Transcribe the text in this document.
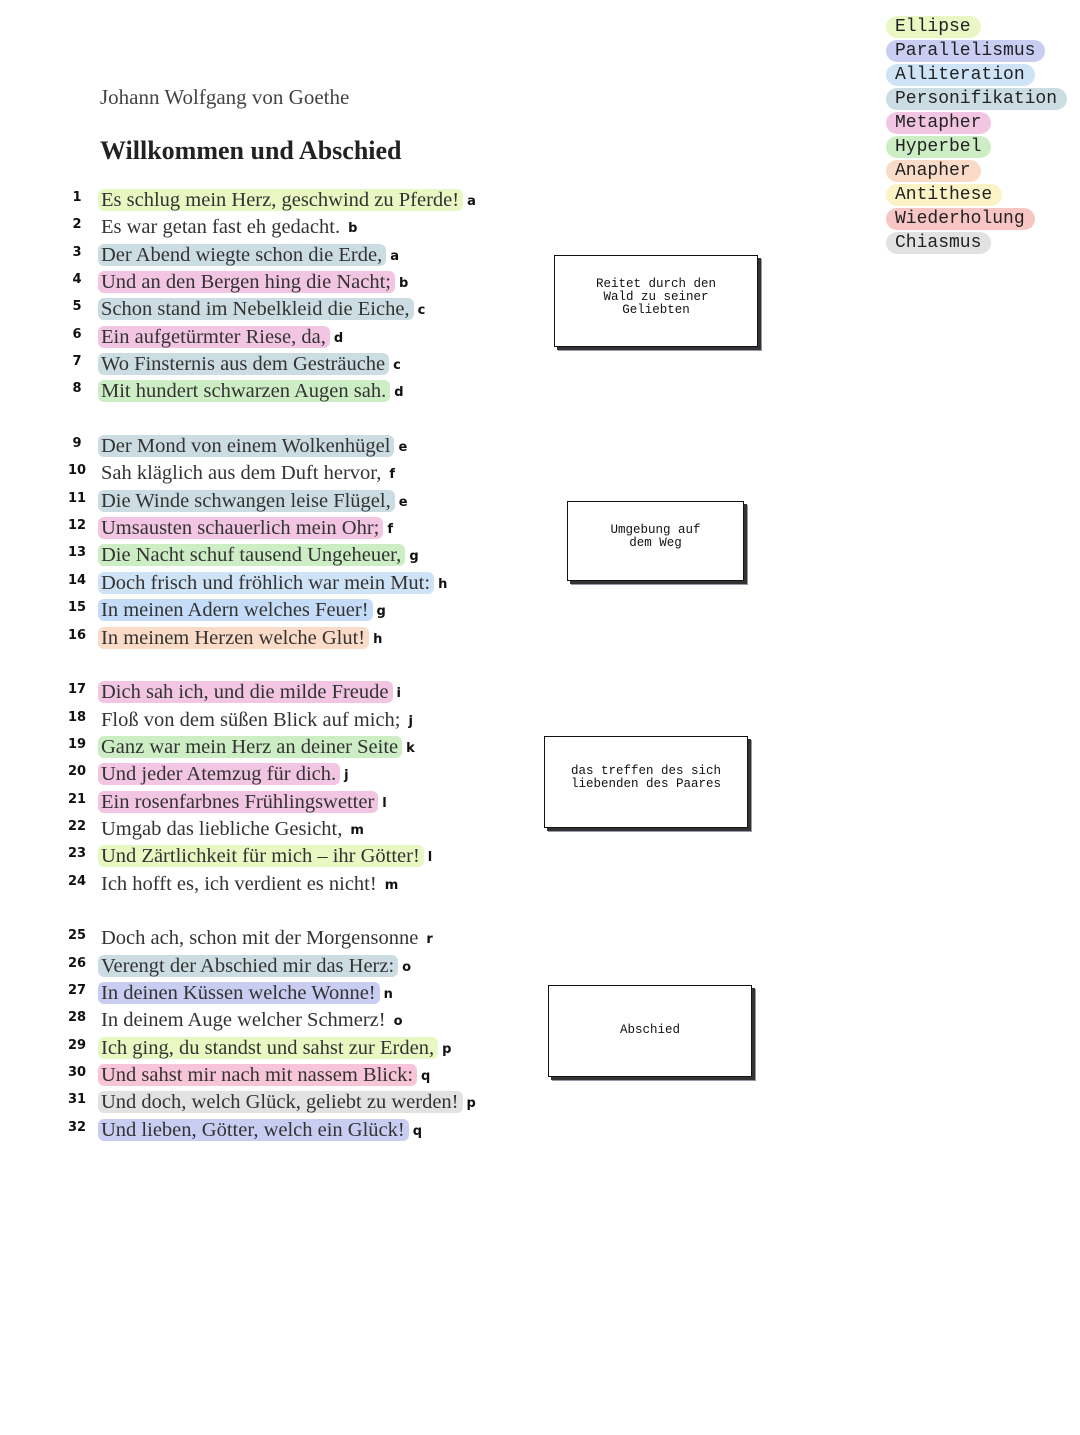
Ellipse
Parallelismus
Alliteration
Personifikation
Metapher
Hyperbel
Anapher
Antithese
Wiederholung
Chiasmus
Johann Wolfgang von Goethe
Willkommen und Abschied
1 Es schlug mein Herz, geschwind zu Pferde! a
2 Es war getan fast eh gedacht. b
3 Der Abend wiegte schon die Erde, a
4 Und an den Bergen hing die Nacht; b
5 Schon stand im Nebelkleid die Eiche, c
6 Ein aufgetürmter Riese, da, d
7 Wo Finsternis aus dem Gesträuche c
8 Mit hundert schwarzen Augen sah. d
9 Der Mond von einem Wolkenhügel e
10 Sah kläglich aus dem Duft hervor, f
11 Die Winde schwangen leise Flügel, e
12 Umsausten schauerlich mein Ohr; f
13 Die Nacht schuf tausend Ungeheuer, g
14 Doch frisch und fröhlich war mein Mut: h
15 In meinen Adern welches Feuer! g
16 In meinem Herzen welche Glut! h
17 Dich sah ich, und die milde Freude i
18 Floß von dem süßen Blick auf mich; j
19 Ganz war mein Herz an deiner Seite k
20 Und jeder Atemzug für dich. j
21 Ein rosenfarbnes Frühlingswetter l
22 Umgab das liebliche Gesicht, m
23 Und Zärtlichkeit für mich – ihr Götter! l
24 Ich hofft es, ich verdient es nicht! m
25 Doch ach, schon mit der Morgensonne r
26 Verengt der Abschied mir das Herz: o
27 In deinen Küssen welche Wonne! n
28 In deinem Auge welcher Schmerz! o
29 Ich ging, du standst und sahst zur Erden, p
30 Und sahst mir nach mit nassem Blick: q
31 Und doch, welch Glück, geliebt zu werden! p
32 Und lieben, Götter, welch ein Glück! q
Reitet durch den
Wald zu seiner
Geliebten
Umgebung auf
dem Weg
das treffen des sich
liebenden des Paares
Abschied
